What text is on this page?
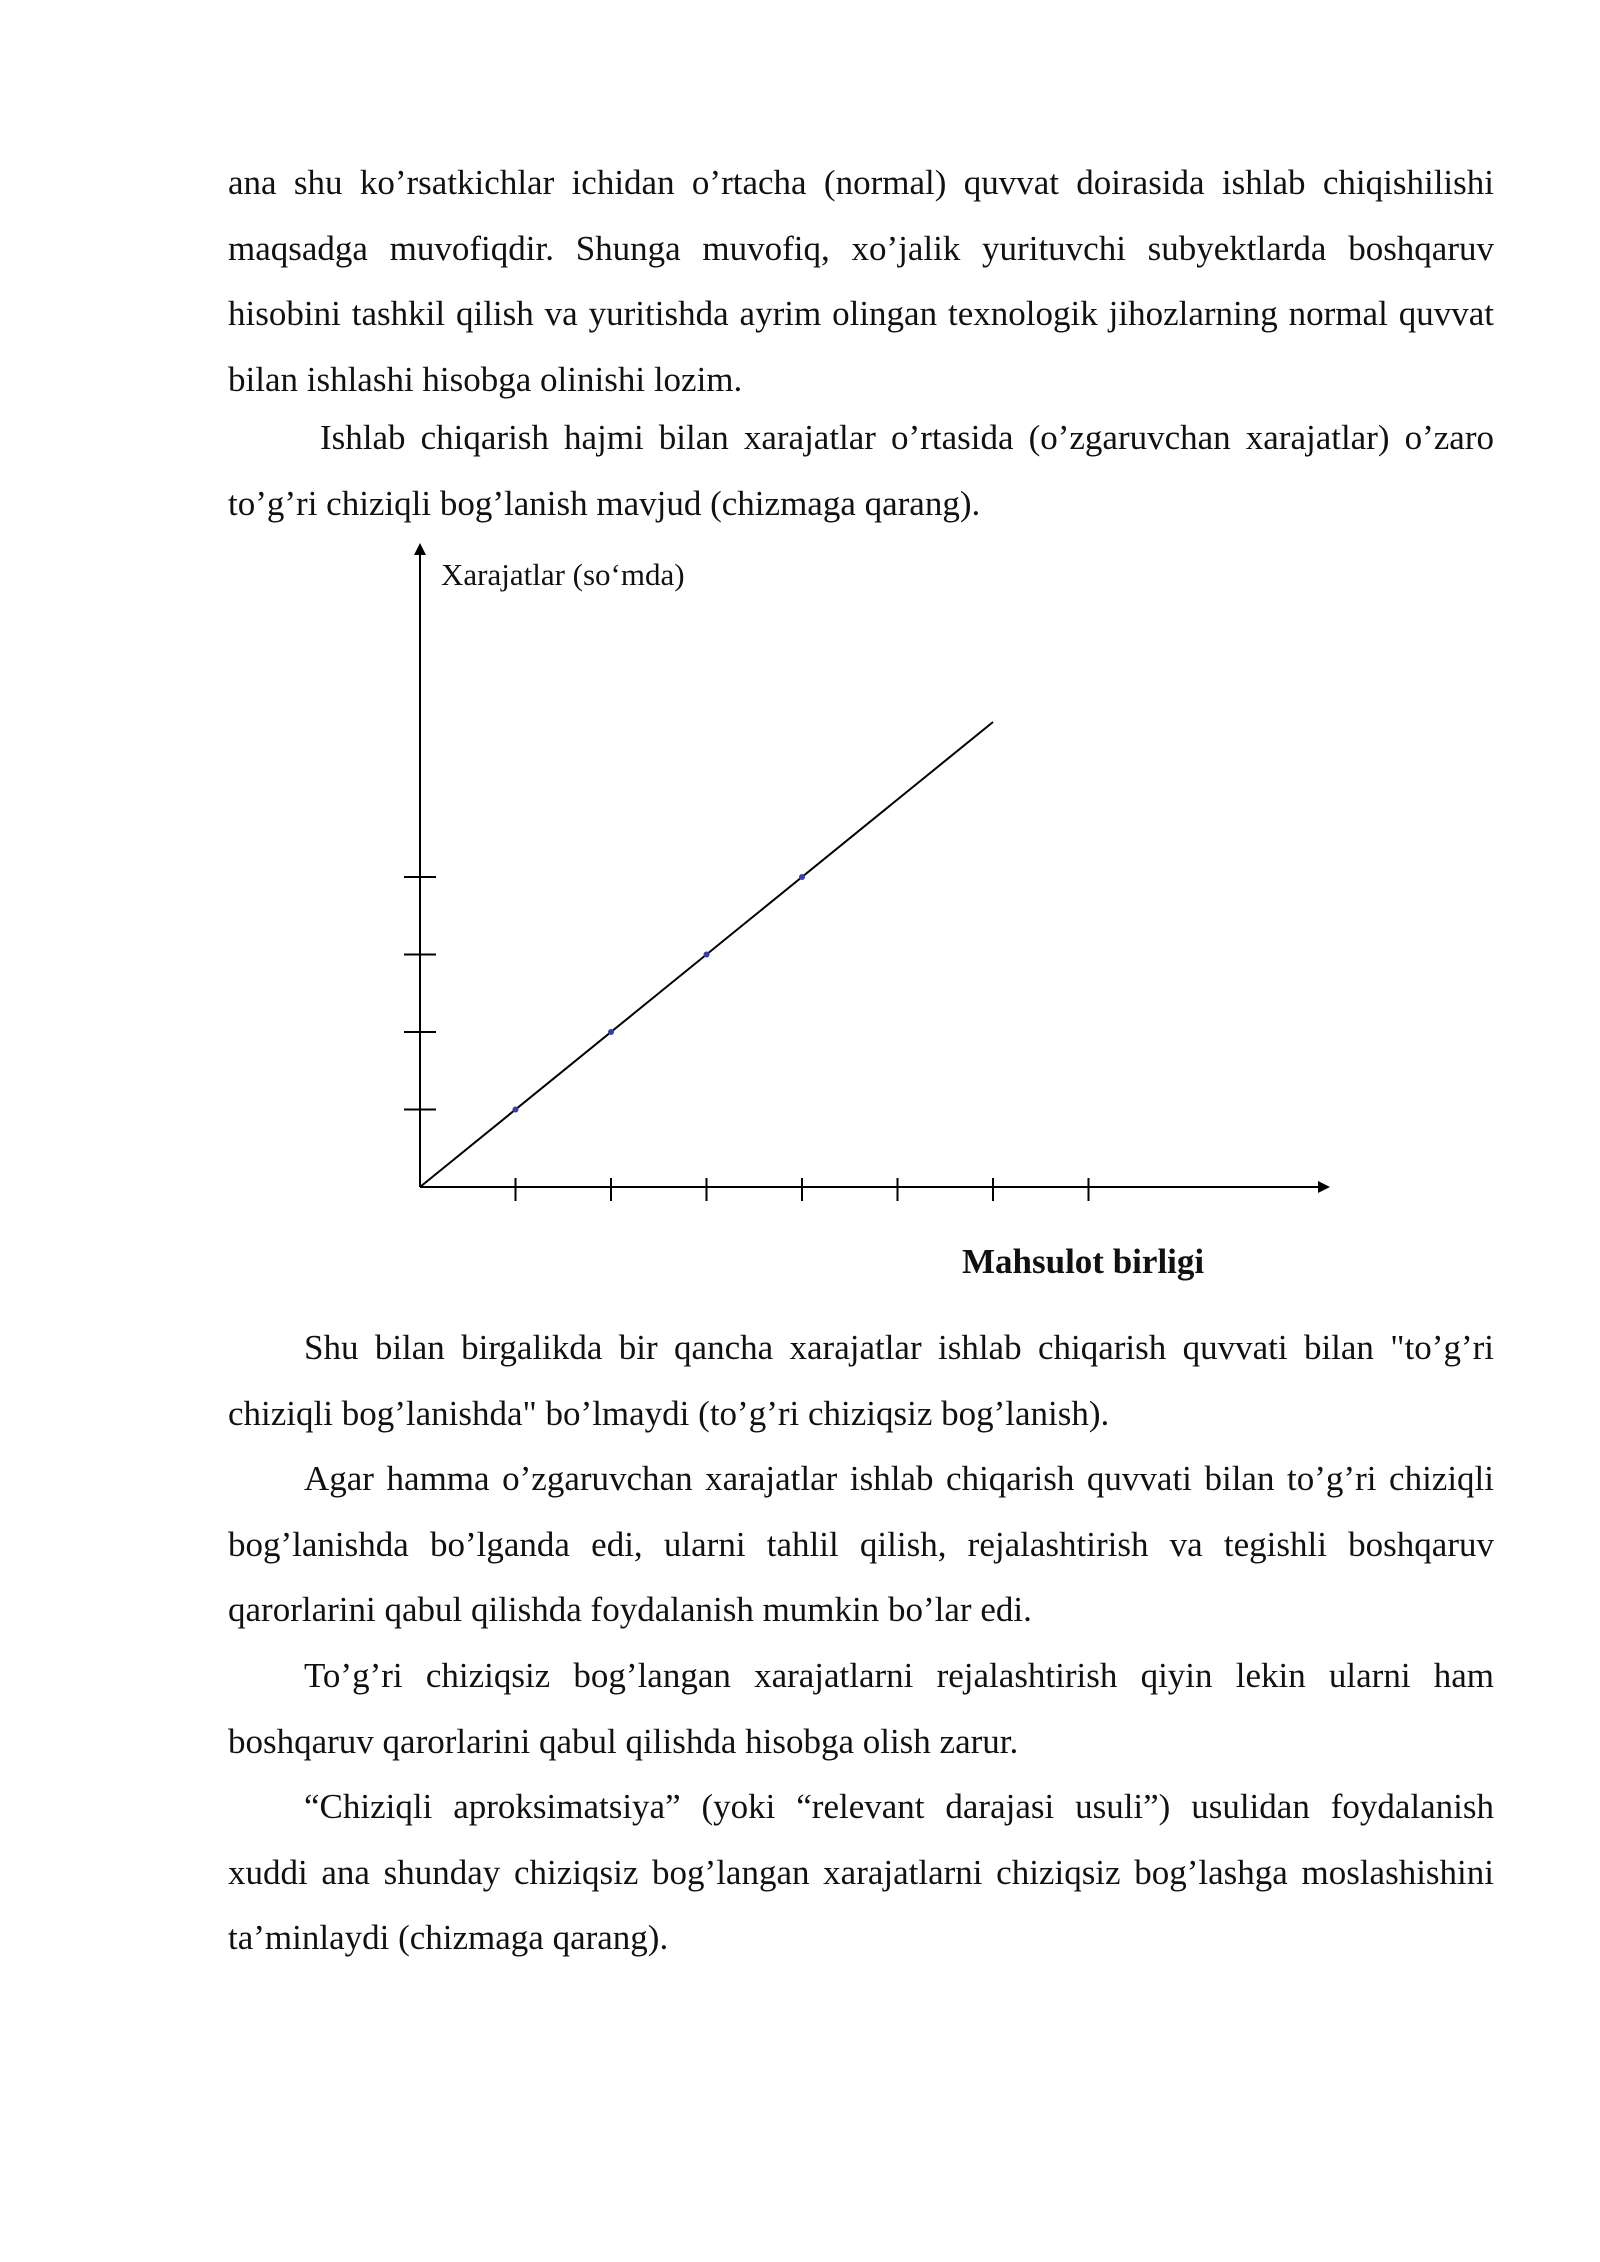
ana shu ko’rsatkichlar ichidan o’rtacha (normal) quvvat doirasida ishlab chiqishilishi maqsadga muvofiqdir. Shunga muvofiq, xo’jalik yurituvchi subyektlarda boshqaruv hisobini tashkil qilish va yuritishda ayrim olingan texnologik jihozlarning normal quvvat bilan ishlashi hisobga olinishi lozim.

Ishlab chiqarish hajmi bilan xarajatlar o’rtasida (o’zgaruvchan xarajatlar) o’zaro to’g’ri chiziqli bog’lanish mavjud (chizmaga qarang).

Xarajatlar (so‘mda)

Mahsulot birligi

Shu bilan birgalikda bir qancha xarajatlar ishlab chiqarish quvvati bilan "to’g’ri chiziqli bog’lanishda" bo’lmaydi (to’g’ri chiziqsiz bog’lanish).

Agar hamma o’zgaruvchan xarajatlar ishlab chiqarish quvvati bilan to’g’ri chiziqli bog’lanishda bo’lganda edi, ularni tahlil qilish, rejalashtirish va tegishli boshqaruv qarorlarini qabul qilishda foydalanish mumkin bo’lar edi.

To’g’ri chiziqsiz bog’langan xarajatlarni rejalashtirish qiyin lekin ularni ham boshqaruv qarorlarini qabul qilishda hisobga olish zarur.

“Chiziqli aproksimatsiya” (yoki “relevant darajasi usuli”) usulidan foydalanish xuddi ana shunday chiziqsiz bog’langan xarajatlarni chiziqsiz bog’lashga moslashishini ta’minlaydi (chizmaga qarang).
